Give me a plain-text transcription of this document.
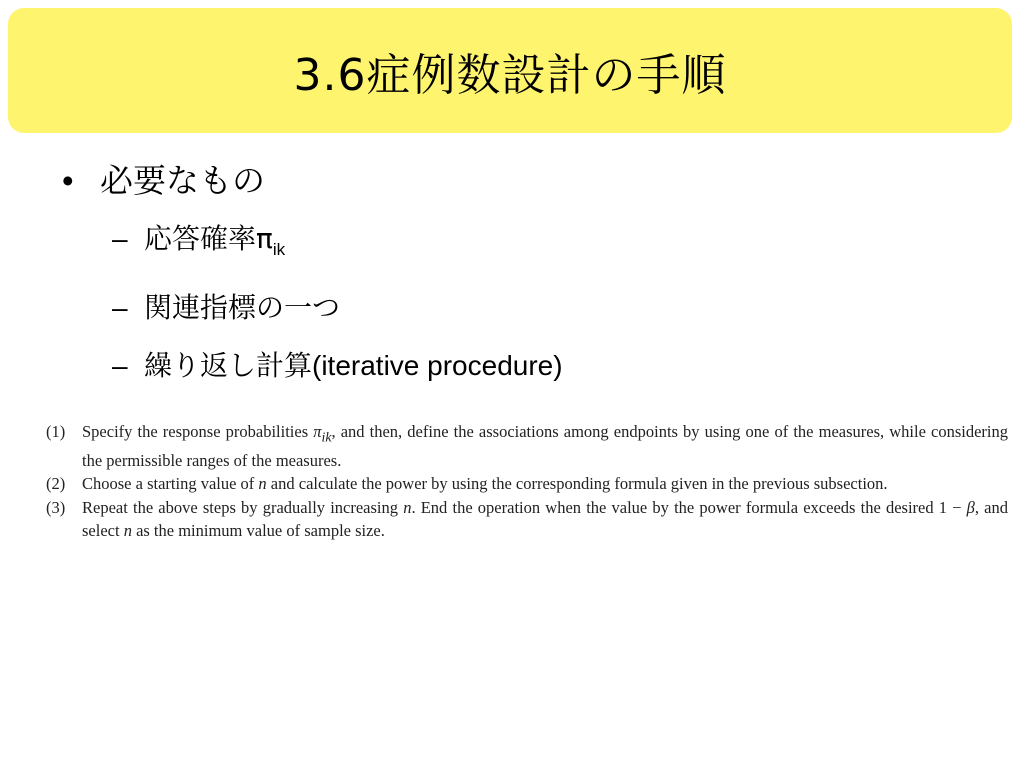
3.6症例数設計の手順
• 必要なもの
– 応答確率$\pi_{ik}$
– 関連指標の一つ
– 繰り返し計算(iterative procedure)
(1)	Specify the response probabilities $\pi_{ik}$, and then, define the associations among endpoints by using one of the measures, while considering the permissible ranges of the measures.
(2)	Choose a starting value of n and calculate the power by using the corresponding formula given in the previous subsection.
(3)	Repeat the above steps by gradually increasing n. End the operation when the value by the power formula exceeds the desired 1 − β, and select n as the minimum value of sample size.
